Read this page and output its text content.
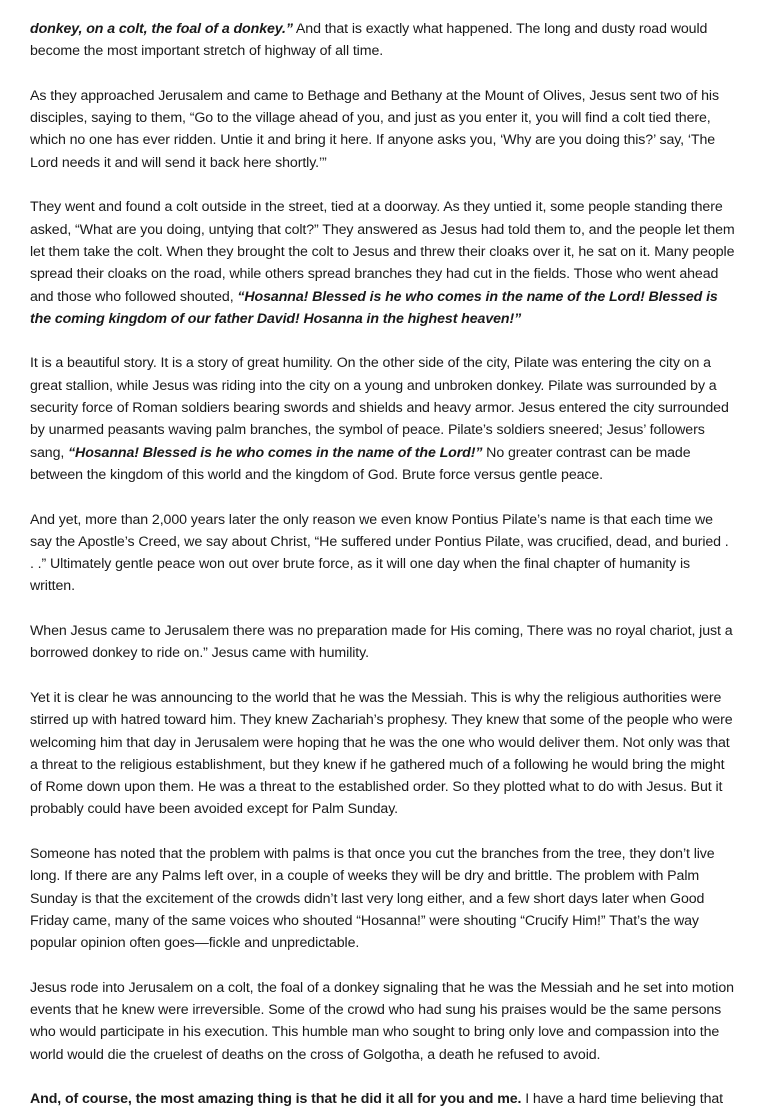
donkey, on a colt, the foal of a donkey.” And that is exactly what happened. The long and dusty road would become the most important stretch of highway of all time.

As they approached Jerusalem and came to Bethage and Bethany at the Mount of Olives, Jesus sent two of his disciples, saying to them, “Go to the village ahead of you, and just as you enter it, you will find a colt tied there, which no one has ever ridden. Untie it and bring it here. If anyone asks you, ‘Why are you doing this?’ say, ‘The Lord needs it and will send it back here shortly.’”

They went and found a colt outside in the street, tied at a doorway. As they untied it, some people standing there asked, “What are you doing, untying that colt?” They answered as Jesus had told them to, and the people let them let them take the colt. When they brought the colt to Jesus and threw their cloaks over it, he sat on it. Many people spread their cloaks on the road, while others spread branches they had cut in the fields. Those who went ahead and those who followed shouted, “Hosanna! Blessed is he who comes in the name of the Lord! Blessed is the coming kingdom of our father David! Hosanna in the highest heaven!”

It is a beautiful story. It is a story of great humility. On the other side of the city, Pilate was entering the city on a great stallion, while Jesus was riding into the city on a young and unbroken donkey. Pilate was surrounded by a security force of Roman soldiers bearing swords and shields and heavy armor. Jesus entered the city surrounded by unarmed peasants waving palm branches, the symbol of peace. Pilate’s soldiers sneered; Jesus’ followers sang, “Hosanna! Blessed is he who comes in the name of the Lord!” No greater contrast can be made between the kingdom of this world and the kingdom of God. Brute force versus gentle peace.

And yet, more than 2,000 years later the only reason we even know Pontius Pilate’s name is that each time we say the Apostle’s Creed, we say about Christ, “He suffered under Pontius Pilate, was crucified, dead, and buried . . .” Ultimately gentle peace won out over brute force, as it will one day when the final chapter of humanity is written.

When Jesus came to Jerusalem there was no preparation made for His coming, There was no royal chariot, just a borrowed donkey to ride on.” Jesus came with humility.

Yet it is clear he was announcing to the world that he was the Messiah. This is why the religious authorities were stirred up with hatred toward him. They knew Zachariah’s prophesy. They knew that some of the people who were welcoming him that day in Jerusalem were hoping that he was the one who would deliver them. Not only was that a threat to the religious establishment, but they knew if he gathered much of a following he would bring the might of Rome down upon them. He was a threat to the established order. So they plotted what to do with Jesus. But it probably could have been avoided except for Palm Sunday.

Someone has noted that the problem with palms is that once you cut the branches from the tree, they don’t live long. If there are any Palms left over, in a couple of weeks they will be dry and brittle. The problem with Palm Sunday is that the excitement of the crowds didn’t last very long either, and a few short days later when Good Friday came, many of the same voices who shouted “Hosanna!” were shouting “Crucify Him!” That’s the way popular opinion often goes—fickle and unpredictable.

Jesus rode into Jerusalem on a colt, the foal of a donkey signaling that he was the Messiah and he set into motion events that he knew were irreversible. Some of the crowd who had sung his praises would be the same persons who would participate in his execution. This humble man who sought to bring only love and compassion into the world would die the cruelest of deaths on the cross of Golgotha, a death he refused to avoid.

And, of course, the most amazing thing is that he did it all for you and me. I have a hard time believing that
